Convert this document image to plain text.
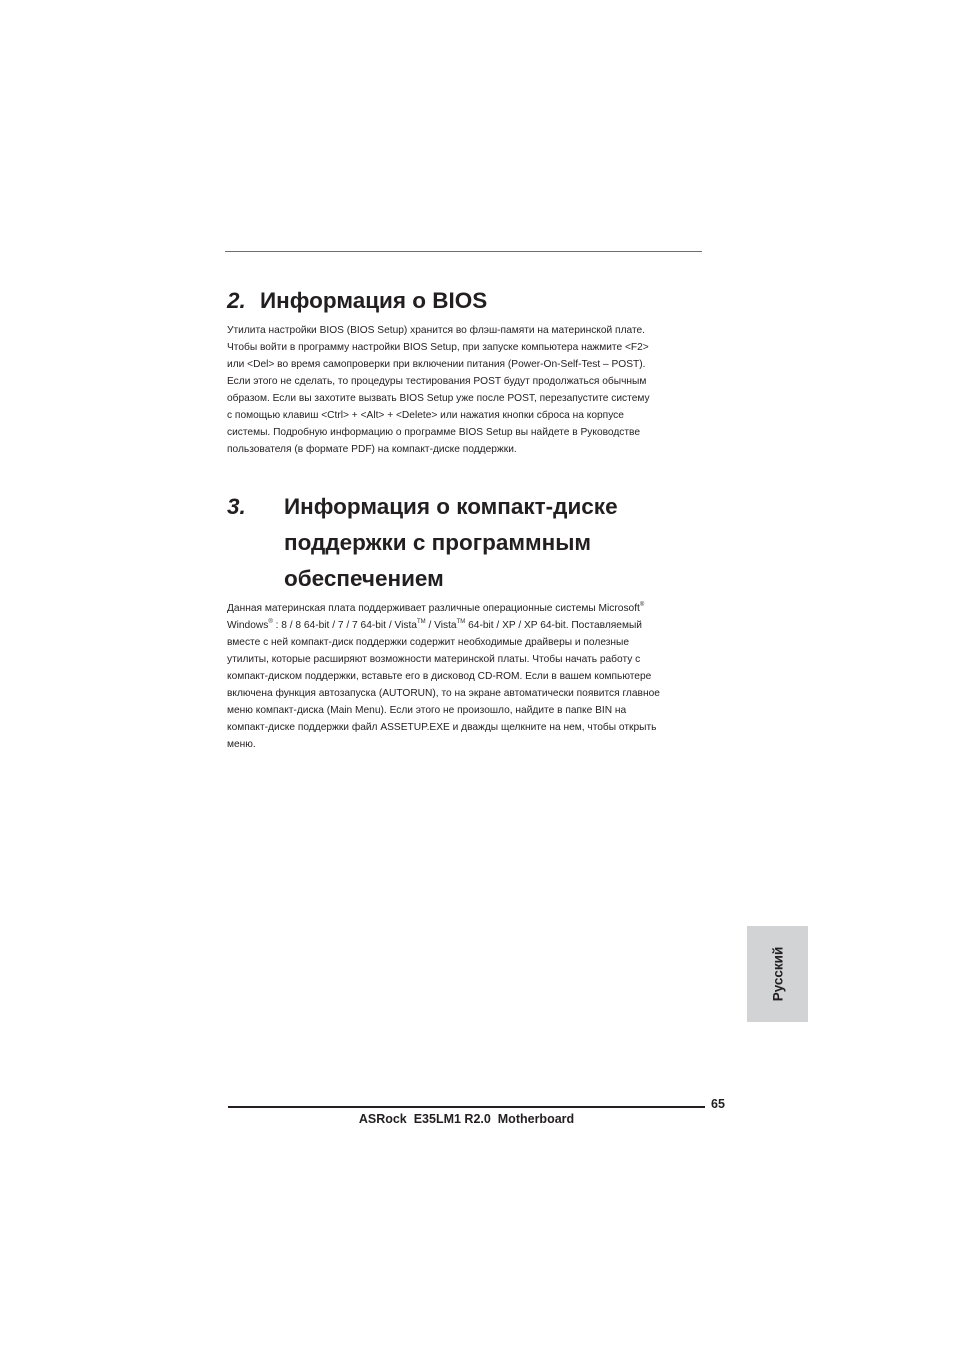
2. Информация о BIOS
Утилита настройки BIOS (BIOS Setup) хранится во флэш-памяти на материнской плате.
Чтобы войти в программу настройки BIOS Setup, при запуске компьютера нажмите <F2>
или <Del> во время самопроверки при включении питания (Power-On-Self-Test – POST).
Если этого не сделать, то процедуры тестирования POST будут продолжаться обычным
образом. Если вы захотите вызвать BIOS Setup уже после POST, перезапустите систему
с помощью клавиш <Ctrl> + <Alt> + <Delete> или нажатия кнопки сброса на корпусе
системы. Подробную информацию о программе BIOS Setup вы найдете в Руководстве
пользователя (в формате PDF) на компакт-диске поддержки.
3. Информация о компакт-диске
поддержки с программным
обеспечением
Данная материнская плата поддерживает различные операционные системы Microsoft®
Windows® : 8 / 8 64-bit / 7 / 7 64-bit / Vista™ / Vista™ 64-bit / XP / XP 64-bit. Поставляемый
вместе с ней компакт-диск поддержки содержит необходимые драйверы и полезные
утилиты, которые расширяют возможности материнской платы. Чтобы начать работу с
компакт-диском поддержки, вставьте его в дисковод CD-ROM. Если в вашем компьютере
включена функция автозапуска (AUTORUN), то на экране автоматически появится главное
меню компакт-диска (Main Menu). Если этого не произошло, найдите в папке BIN на
компакт-диске поддержки файл ASSETUP.EXE и дважды щелкните на нем, чтобы открыть
меню.
Русский
65
ASRock  E35LM1 R2.0  Motherboard
